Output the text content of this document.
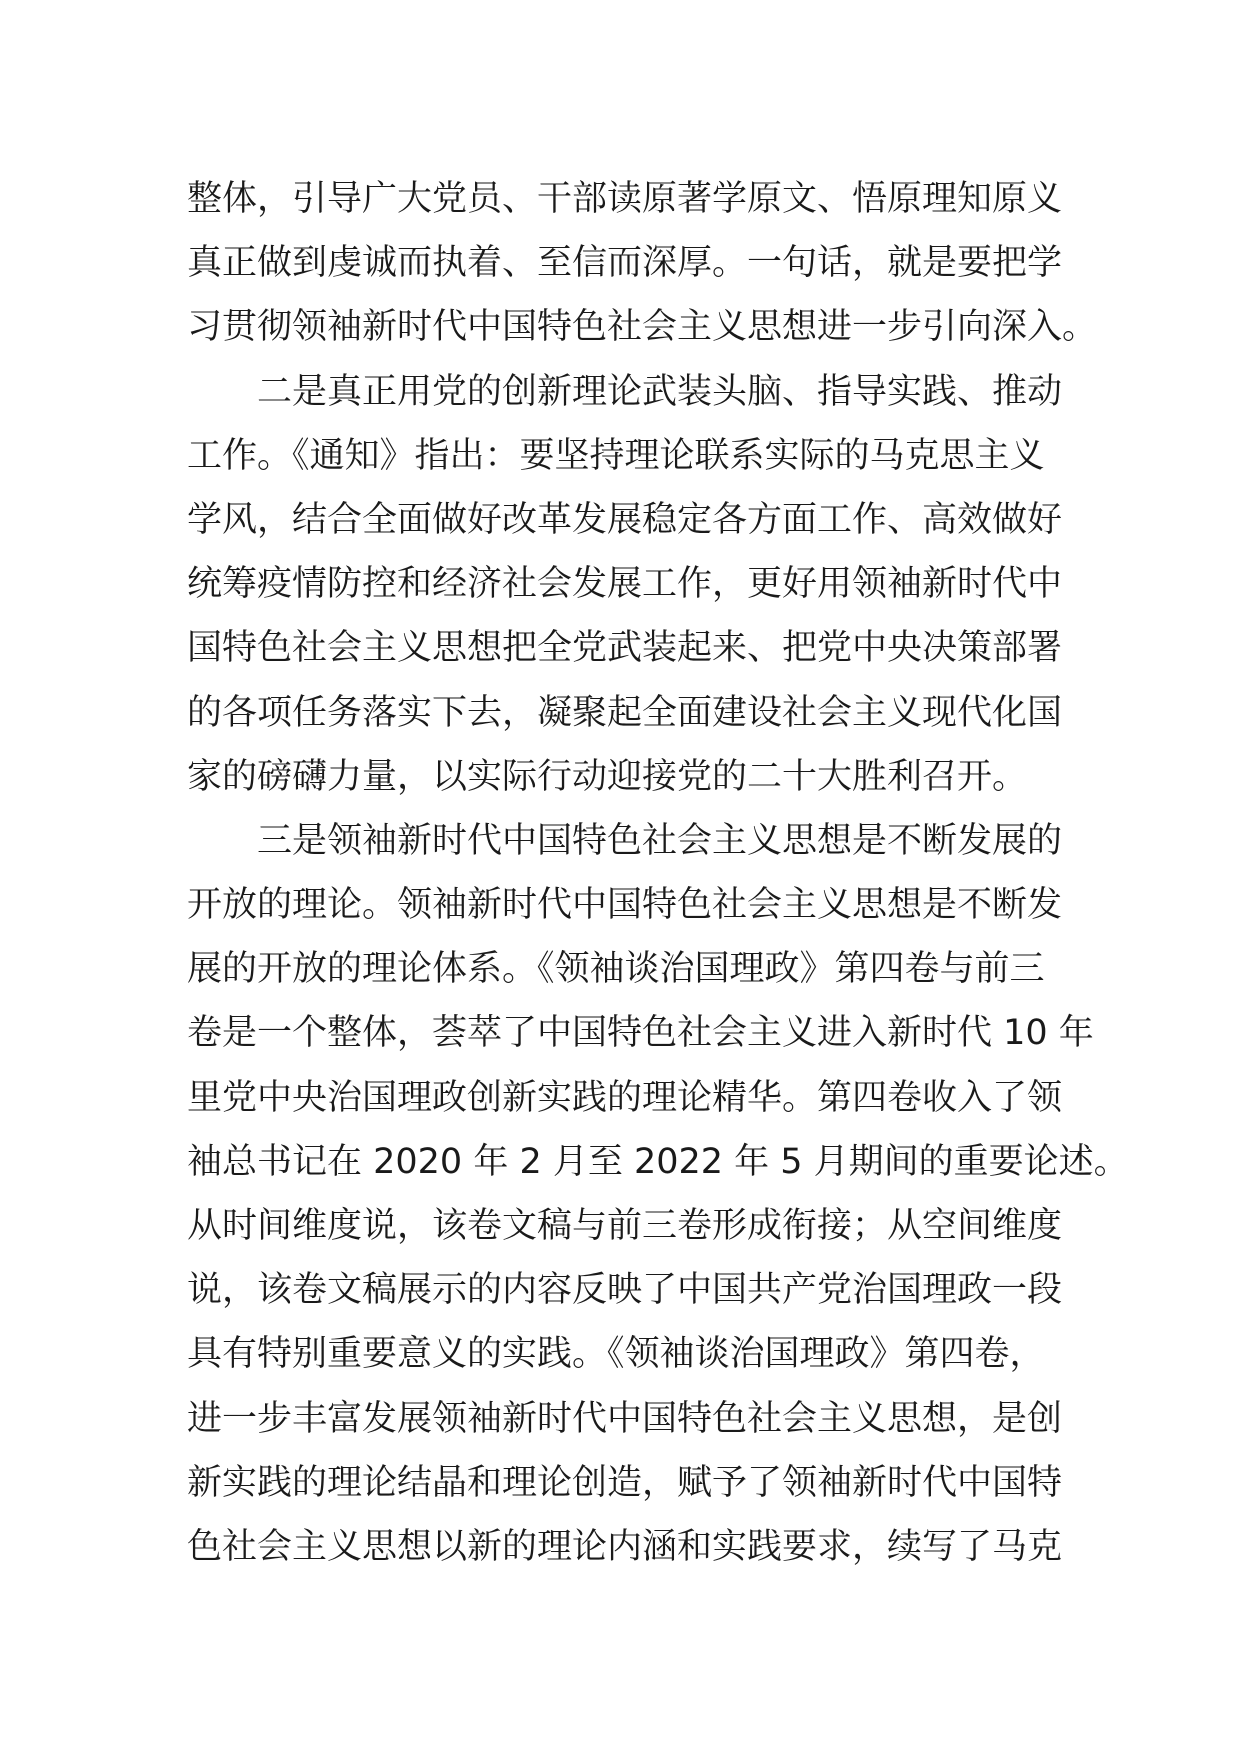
整体，引导广大党员、干部读原著学原文、悟原理知原义
真正做到虔诚而执着、至信而深厚。一句话，就是要把学
习贯彻领袖新时代中国特色社会主义思想进一步引向深入。
　　二是真正用党的创新理论武装头脑、指导实践、推动
工作。《通知》指出：要坚持理论联系实际的马克思主义
学风，结合全面做好改革发展稳定各方面工作、高效做好
统筹疫情防控和经济社会发展工作，更好用领袖新时代中
国特色社会主义思想把全党武装起来、把党中央决策部署
的各项任务落实下去，凝聚起全面建设社会主义现代化国
家的磅礴力量，以实际行动迎接党的二十大胜利召开。
　　三是领袖新时代中国特色社会主义思想是不断发展的
开放的理论。领袖新时代中国特色社会主义思想是不断发
展的开放的理论体系。《领袖谈治国理政》第四卷与前三
卷是一个整体，荟萃了中国特色社会主义进入新时代 10 年
里党中央治国理政创新实践的理论精华。第四卷收入了领
袖总书记在 2020 年 2 月至 2022 年 5 月期间的重要论述。
从时间维度说，该卷文稿与前三卷形成衔接；从空间维度
说，该卷文稿展示的内容反映了中国共产党治国理政一段
具有特别重要意义的实践。《领袖谈治国理政》第四卷，
进一步丰富发展领袖新时代中国特色社会主义思想，是创
新实践的理论结晶和理论创造，赋予了领袖新时代中国特
色社会主义思想以新的理论内涵和实践要求，续写了马克
